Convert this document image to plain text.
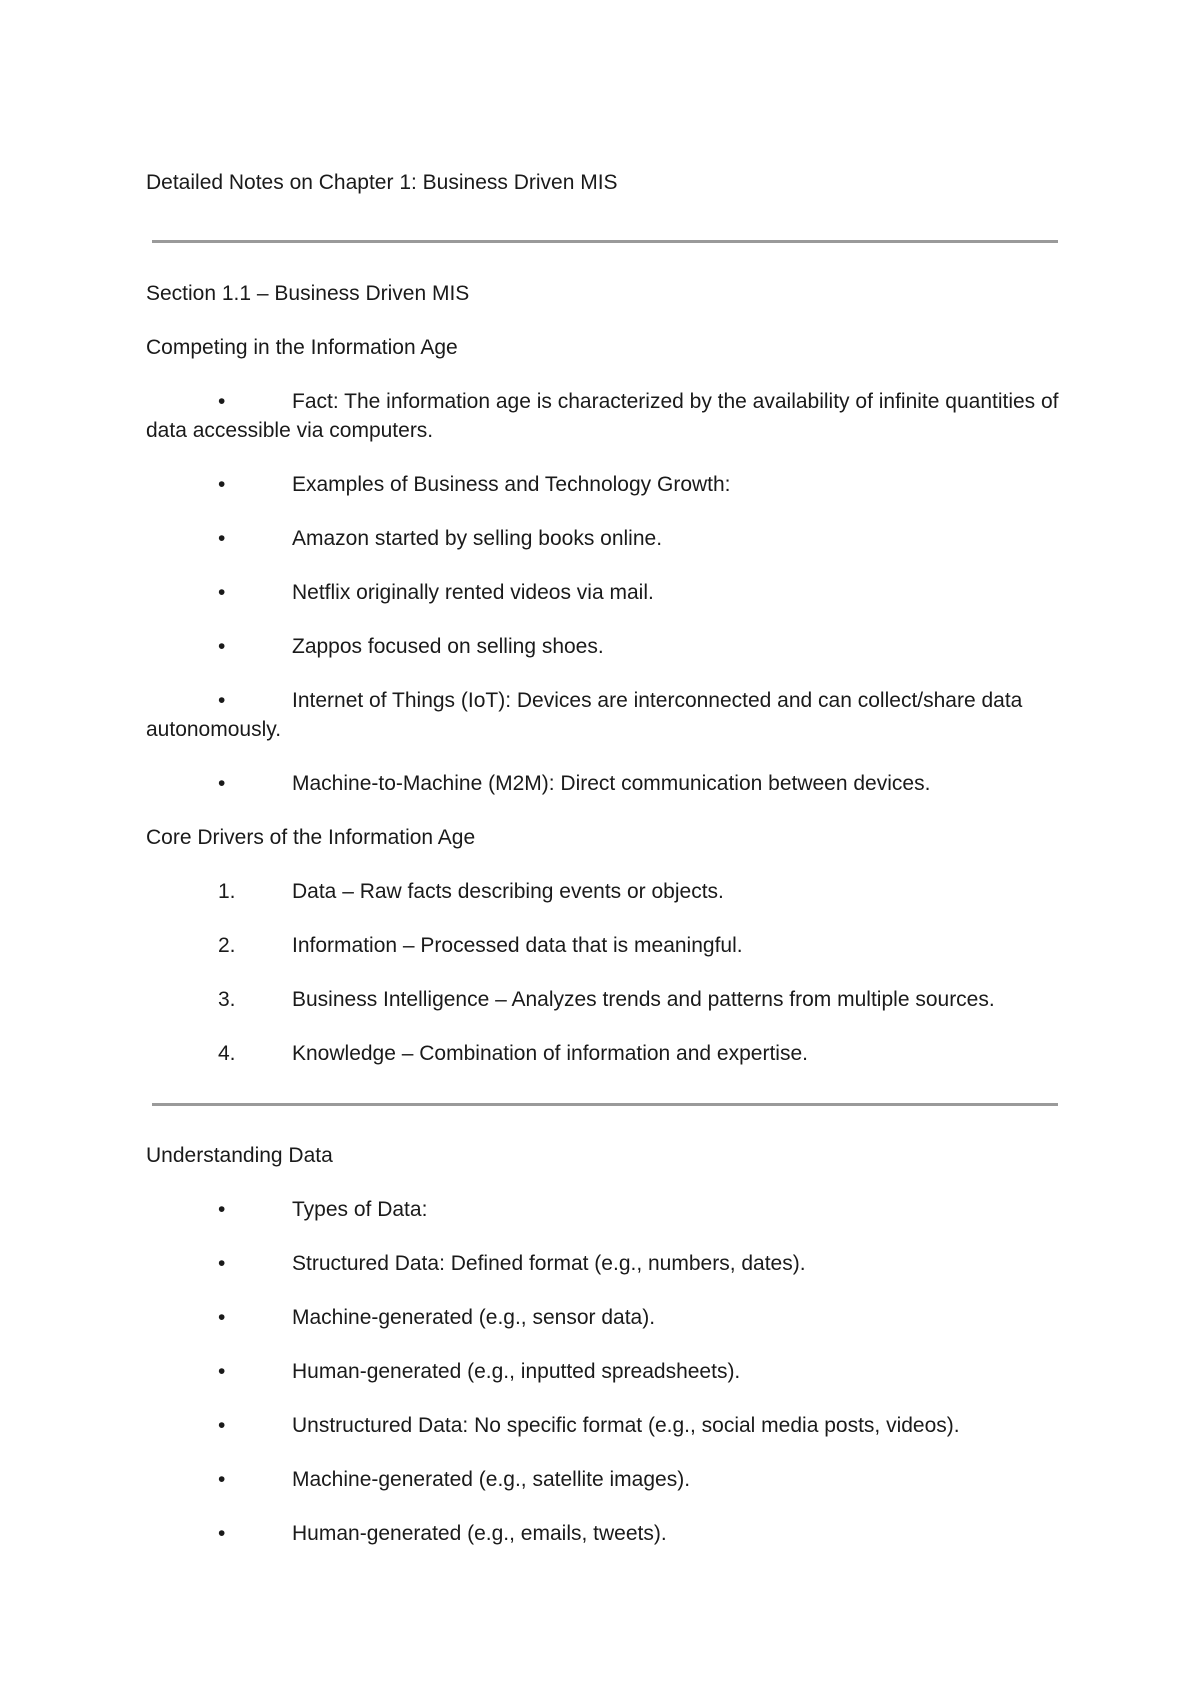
Detailed Notes on Chapter 1: Business Driven MIS

Section 1.1 – Business Driven MIS

Competing in the Information Age

•	Fact: The information age is characterized by the availability of infinite quantities of data accessible via computers.

•	Examples of Business and Technology Growth:

•	Amazon started by selling books online.

•	Netflix originally rented videos via mail.

•	Zappos focused on selling shoes.

•	Internet of Things (IoT): Devices are interconnected and can collect/share data autonomously.

•	Machine-to-Machine (M2M): Direct communication between devices.

Core Drivers of the Information Age

1.	Data – Raw facts describing events or objects.

2.	Information – Processed data that is meaningful.

3.	Business Intelligence – Analyzes trends and patterns from multiple sources.

4.	Knowledge – Combination of information and expertise.

Understanding Data

•	Types of Data:

•	Structured Data: Defined format (e.g., numbers, dates).

•	Machine-generated (e.g., sensor data).

•	Human-generated (e.g., inputted spreadsheets).

•	Unstructured Data: No specific format (e.g., social media posts, videos).

•	Machine-generated (e.g., satellite images).

•	Human-generated (e.g., emails, tweets).
